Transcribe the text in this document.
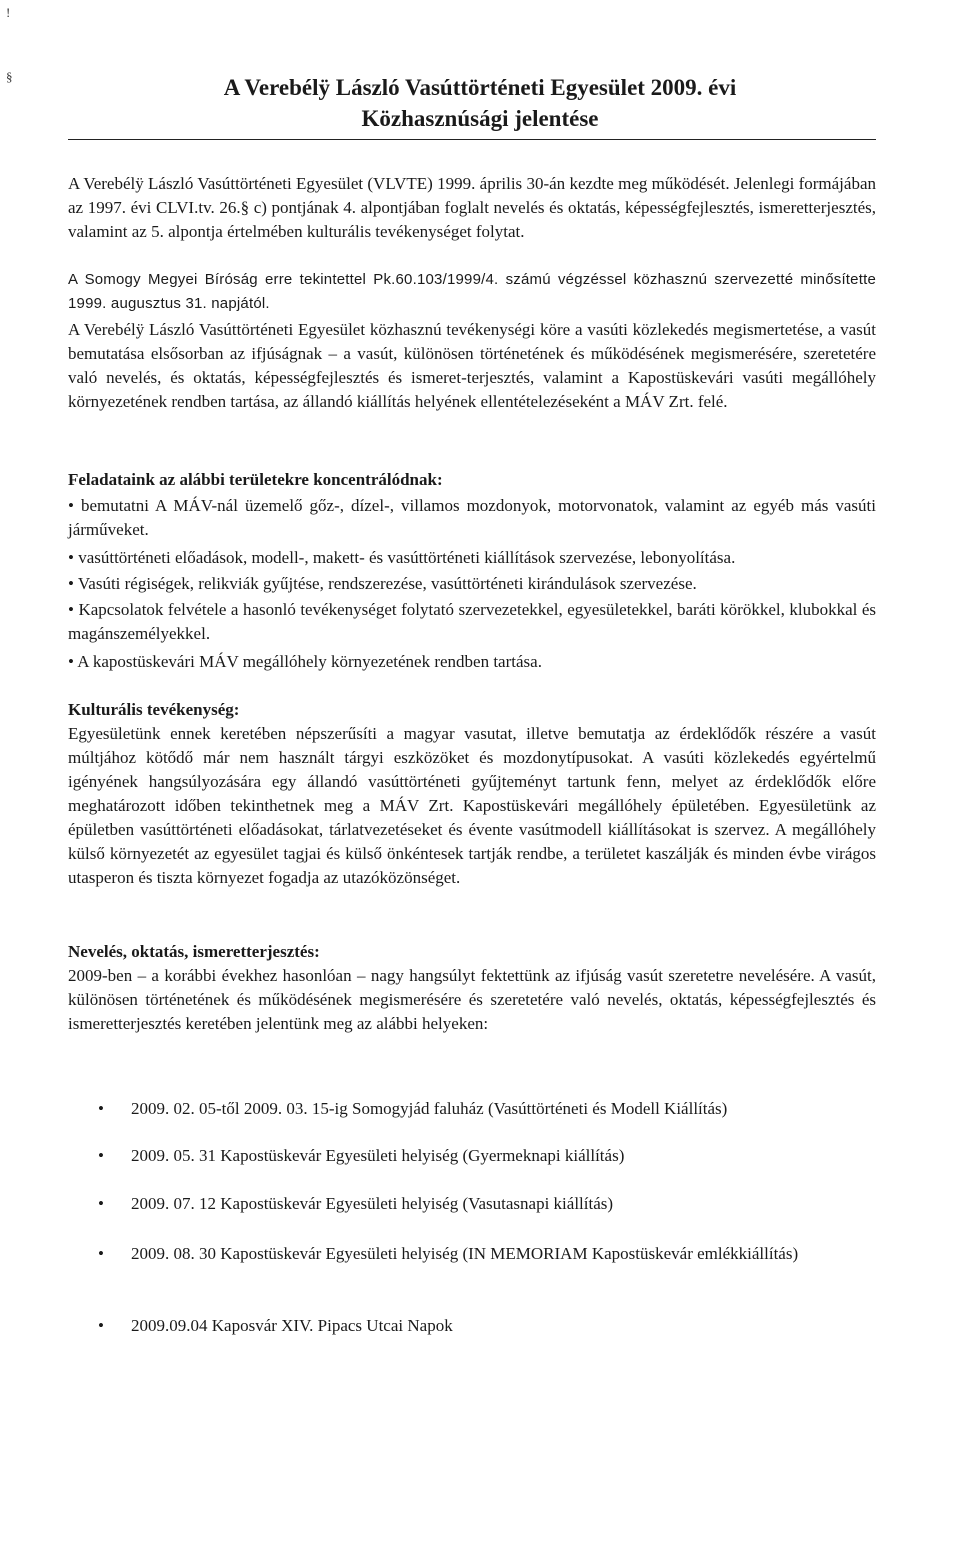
!
§	A Verebélÿ László Vasúttörténeti Egyesület 2009. évi
Közhasznúsági jelentése

A Verebélÿ László Vasúttörténeti Egyesület (VLVTE) 1999. április 30-án kezdte meg működését. Jelenlegi formájában az 1997. évi CLVI.tv. 26.§ c) pontjának 4. alpontjában foglalt nevelés és oktatás, képességfejlesztés, ismeretterjesztés, valamint az 5. alpontja értelmében kulturális tevékenységet folytat.

A Somogy Megyei Bíróság erre tekintettel Pk.60.103/1999/4. számú végzéssel közhasznú szervezetté minősítette 1999. augusztus 31. napjától.

A Verebélÿ László Vasúttörténeti Egyesület közhasznú tevékenységi köre a vasúti közlekedés megismertetése, a vasút bemutatása elsősorban az ifjúságnak – a vasút, különösen történetének és működésének megismerésére, szeretetére való nevelés, és oktatás, képességfejlesztés és ismeret-terjesztés, valamint a Kapostüskevári vasúti megállóhely környezetének rendben tartása, az állandó kiállítás helyének ellentételezéseként a MÁV Zrt. felé.

Feladataink az alábbi területekre koncentrálódnak:

• bemutatni A MÁV-nál üzemelő gőz-, dízel-, villamos mozdonyok, motorvonatok, valamint az egyéb más vasúti járműveket.
• vasúttörténeti előadások, modell-, makett- és vasúttörténeti kiállítások szervezése, lebonyolítása.
• Vasúti régiségek, relikviák gyűjtése, rendszerezése, vasúttörténeti kirándulások szervezése.
• Kapcsolatok felvétele a hasonló tevékenységet folytató szervezetekkel, egyesületekkel, baráti körökkel, klubokkal és magánszemélyekkel.
• A kapostüskevári MÁV megállóhely környezetének rendben tartása.

Kulturális tevékenység:

Egyesületünk ennek keretében népszerűsíti a magyar vasutat, illetve bemutatja az érdeklődők részére a vasút múltjához kötődő már nem használt tárgyi eszközöket és mozdonytípusokat. A vasúti közlekedés egyértelmű igényének hangsúlyozására egy állandó vasúttörténeti gyűjteményt tartunk fenn, melyet az érdeklődők előre meghatározott időben tekinthetnek meg a MÁV Zrt. Kapostüskevári megállóhely épületében. Egyesületünk az épületben vasúttörténeti előadásokat, tárlatvezetéseket és évente vasútmodell kiállításokat is szervez. A megállóhely külső környezetét az egyesület tagjai és külső önkéntesek tartják rendbe, a területet kaszálják és minden évbe virágos utasperon és tiszta környezet fogadja az utazóközönséget.

Nevelés, oktatás, ismeretterjesztés:

2009-ben – a korábbi évekhez hasonlóan – nagy hangsúlyt fektettünk az ifjúság vasút szeretetre nevelésére. A vasút, különösen történetének és működésének megismerésére és szeretetére való nevelés, oktatás, képességfejlesztés és ismeretterjesztés keretében jelentünk meg az alábbi helyeken:

• 2009. 02. 05-től 2009. 03. 15-ig Somogyjád faluház (Vasúttörténeti és Modell Kiállítás)
• 2009. 05. 31 Kapostüskevár Egyesületi helyiség (Gyermeknapi kiállítás)
• 2009. 07. 12 Kapostüskevár Egyesületi helyiség (Vasutasnapi kiállítás)
• 2009. 08. 30 Kapostüskevár Egyesületi helyiség (IN MEMORIAM Kapostüskevár emlékkiállítás)
• 2009.09.04 Kaposvár XIV. Pipacs Utcai Napok
